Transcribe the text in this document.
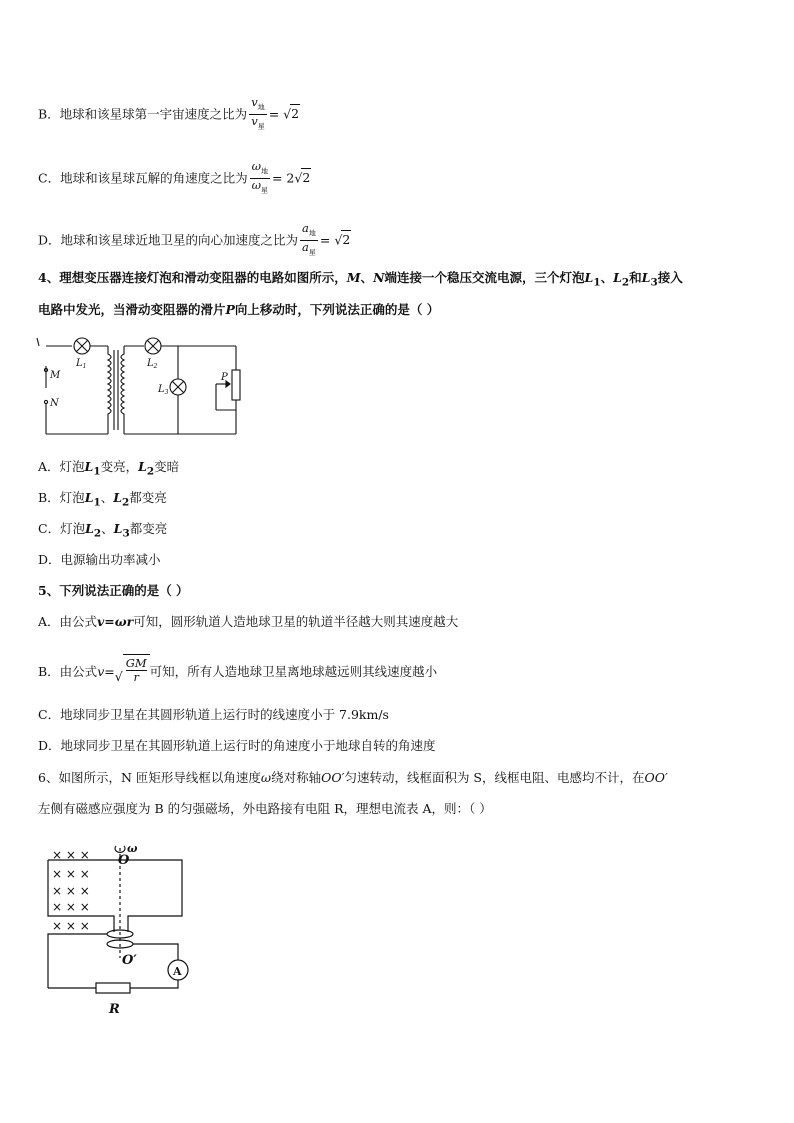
B．地球和该星球第一宇宙速度之比为 $\frac{v_地}{v_星} = √2$
C．地球和该星球瓦解的角速度之比为 $\frac{\omega_地}{\omega_星} = 2√2$
D．地球和该星球近地卫星的向心加速度之比为 $\frac{a_地}{a_星} = √2$
4、理想变压器连接灯泡和滑动变阻器的电路如图所示，M、N端连接一个稳压交流电源，三个灯泡$L_1$、$L_2$和$L_3$接入
电路中发光，当滑动变阻器的滑片P向上移动时，下列说法正确的是（ ）
M
N
$L_1$	$L_2$
$L_3$
P
A．灯泡$L_1$变亮，$L_2$变暗
B．灯泡$L_1$、$L_2$都变亮
C．灯泡$L_2$、$L_3$都变亮
D．电源输出功率减小
5、下列说法正确的是（ ）
A．由公式v=ωr可知，圆形轨道人造地球卫星的轨道半径越大则其速度越大
B．由公式$v=√ \frac{GM}{r}$ 可知，所有人造地球卫星离地球越远则其线速度越小
C．地球同步卫星在其圆形轨道上运行时的线速度小于 7.9km/s
D．地球同步卫星在其圆形轨道上运行时的角速度小于地球自转的角速度
6、如图所示，N 匝矩形导线框以角速度ω绕对称轴OO′匀速转动，线框面积为 S，线框电阻、电感均不计，在OO′
左侧有磁感应强度为 B 的匀强磁场，外电路接有电阻 R，理想电流表 A，则：（ ）
× × ×
× × ×
× × ×
× × ×
× × ×
O
ω
O′
A
R
